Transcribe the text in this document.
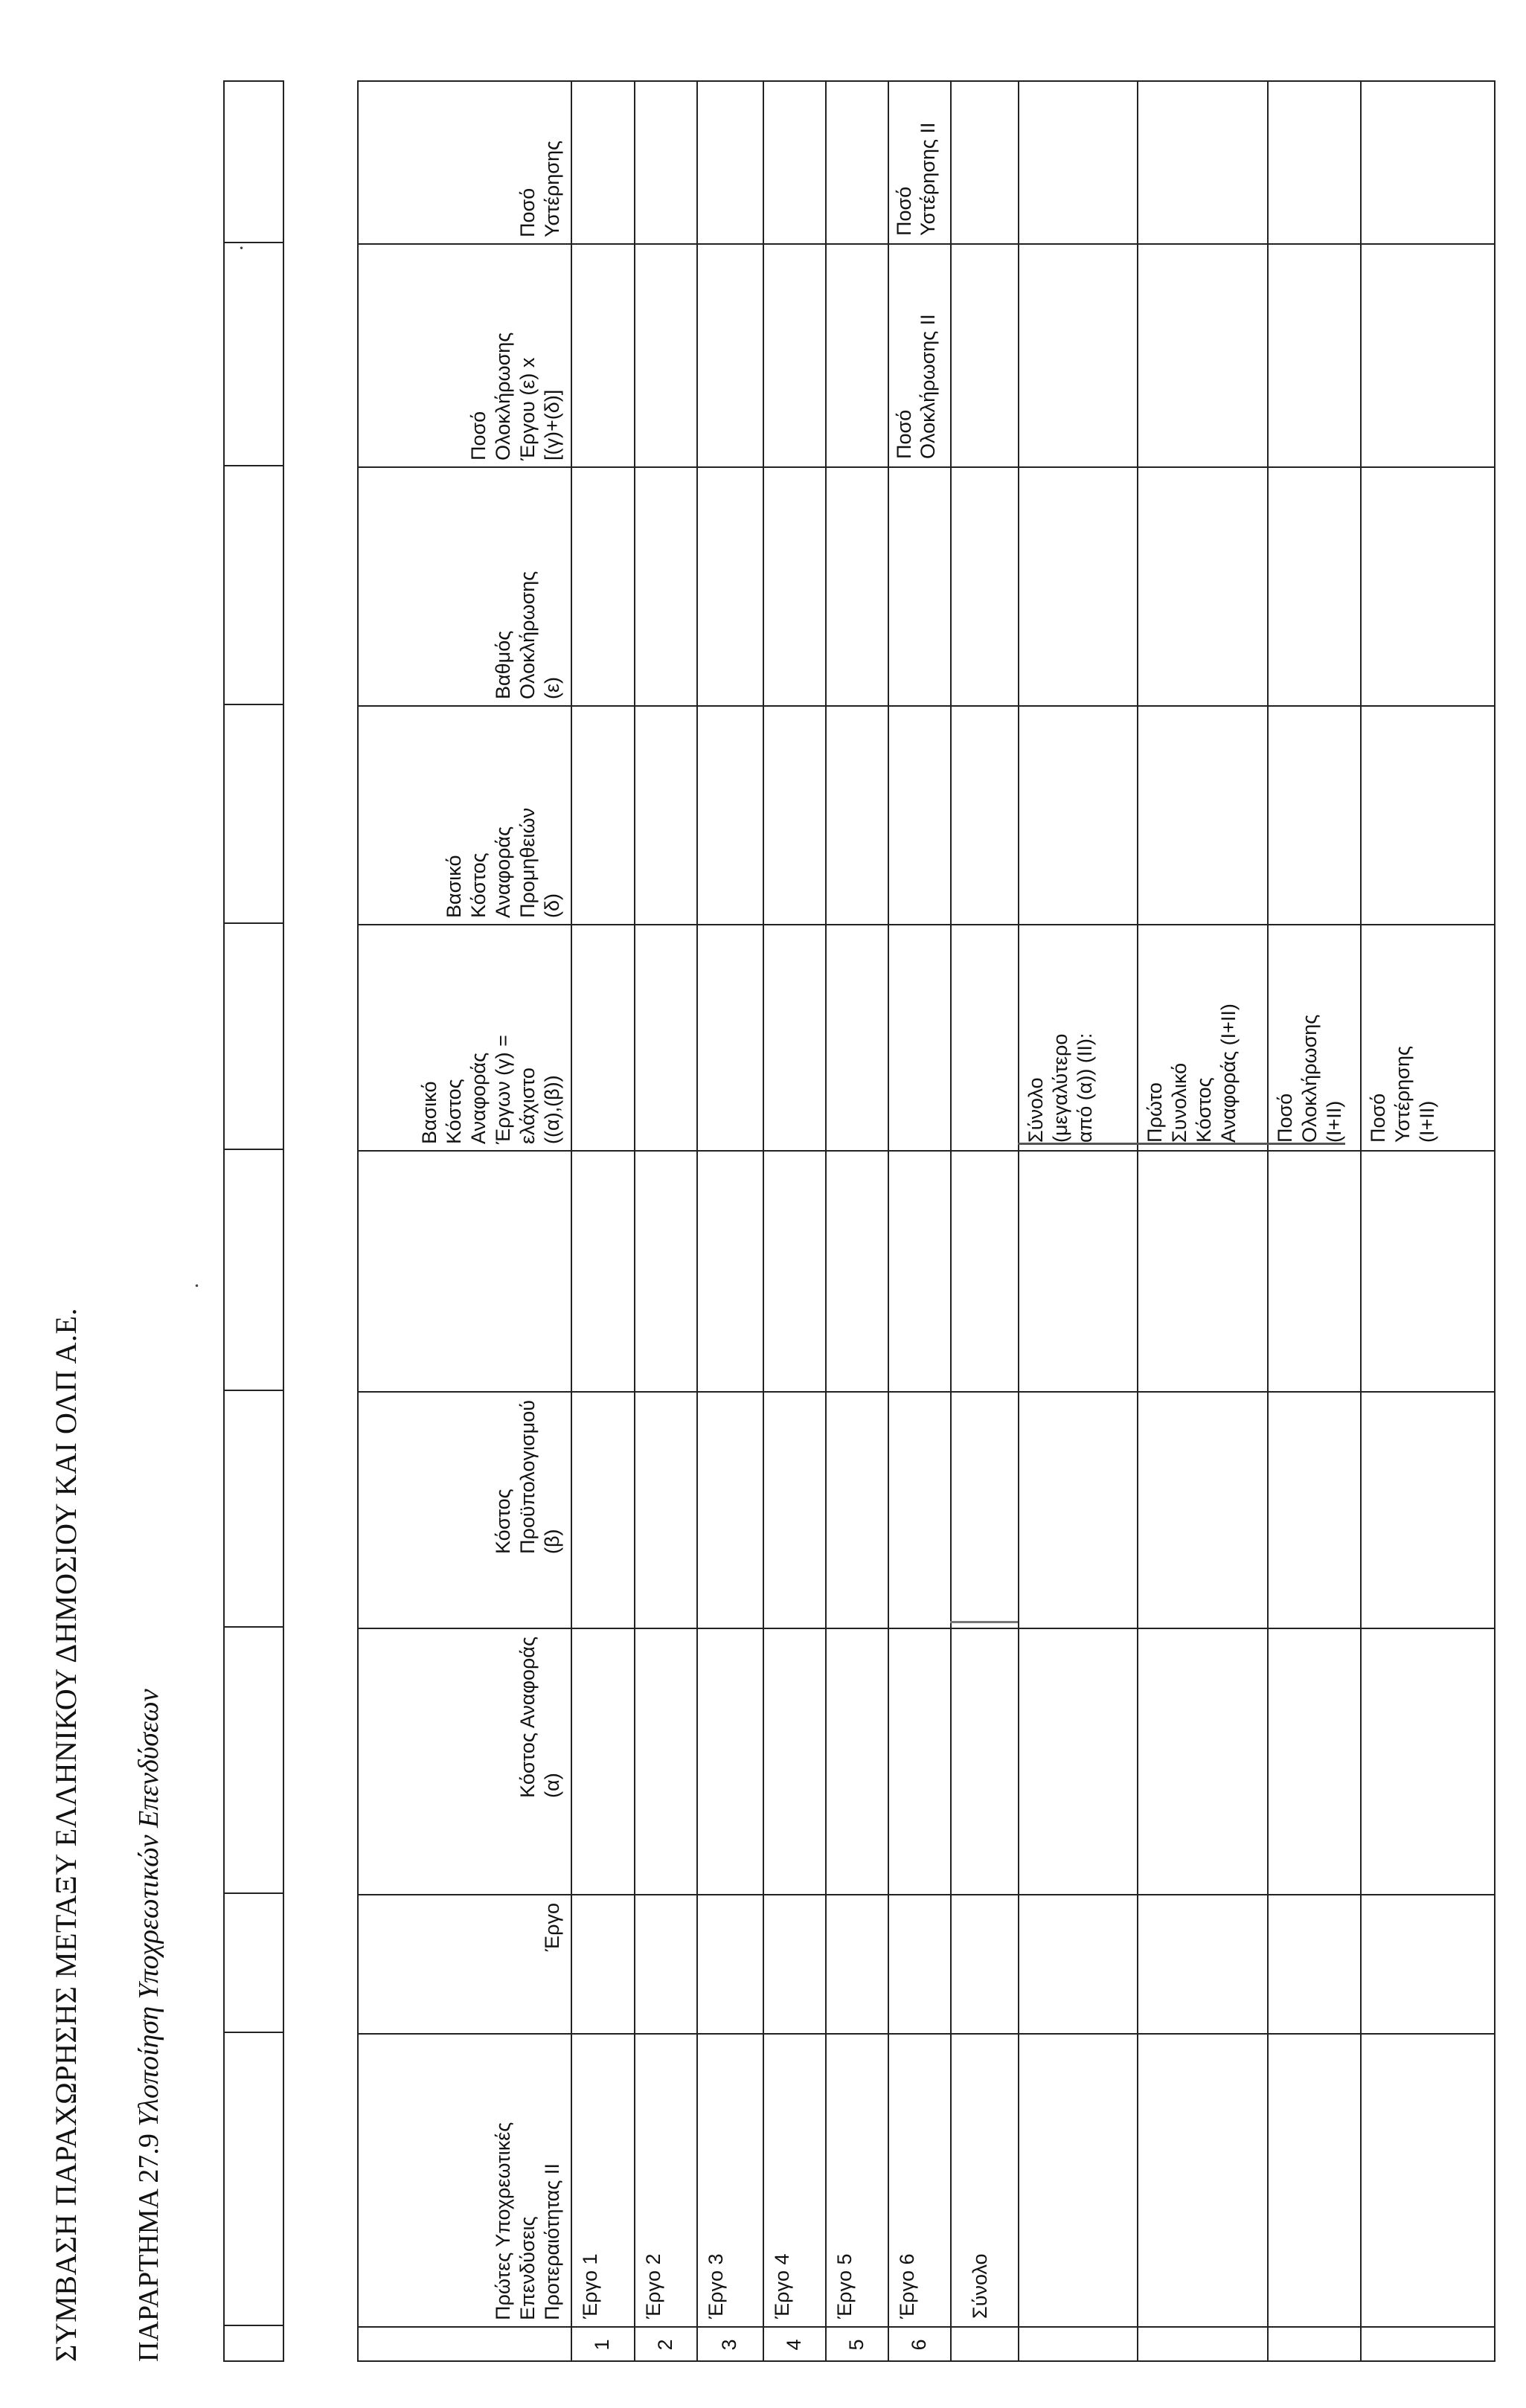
ΣΥΜΒΑΣΗ ΠΑΡΑΧΩΡΗΣΗΣ ΜΕΤΑΞΥ ΕΛΛΗΝΙΚΟΥ ΔΗΜΟΣΙΟΥ ΚΑΙ ΟΛΠ Α.Ε. ΠΑΡΑΡΤΗΜΑ 27.9 Υλοποίηση Υποχρεωτικών Επενδύσεων
.
.
Πρώτες Υποχρεωτικές
Επενδύσεις
Προτεραιότητας ΙΙ
Έργο
Κόστος Αναφοράς
(α)
Κόστος
Προϋπολογισμού
(β)
Βασικό
Κόστος
Αναφοράς
Έργων (γ) =
ελάχιστο
((α),(β))
Βασικό
Κόστος
Αναφοράς
Προμηθειών
(δ)
Βαθμός
Ολοκλήρωσης
(ε)
Ποσό
Ολοκλήρωσης
Έργου (ε) x
[(γ)+(δ)]
Ποσό
Υστέρησης
1
Έργο 1
2
Έργο 2
3
Έργο 3
4
Έργο 4
5
Έργο 5
6
Έργο 6
Ποσό
Ολοκλήρωσης ΙΙ
Ποσό
Υστέρησης ΙΙ
Σύνολο
Σύνολο
(μεγαλύτερο
από (α)) (ΙΙ):
Πρώτο
Συνολικό
Κόστος
Αναφοράς (Ι+ΙΙ)
Ποσό
Ολοκλήρωσης
(Ι+ΙΙ)	Ποσό
Υστέρησης
(Ι+ΙΙ)
